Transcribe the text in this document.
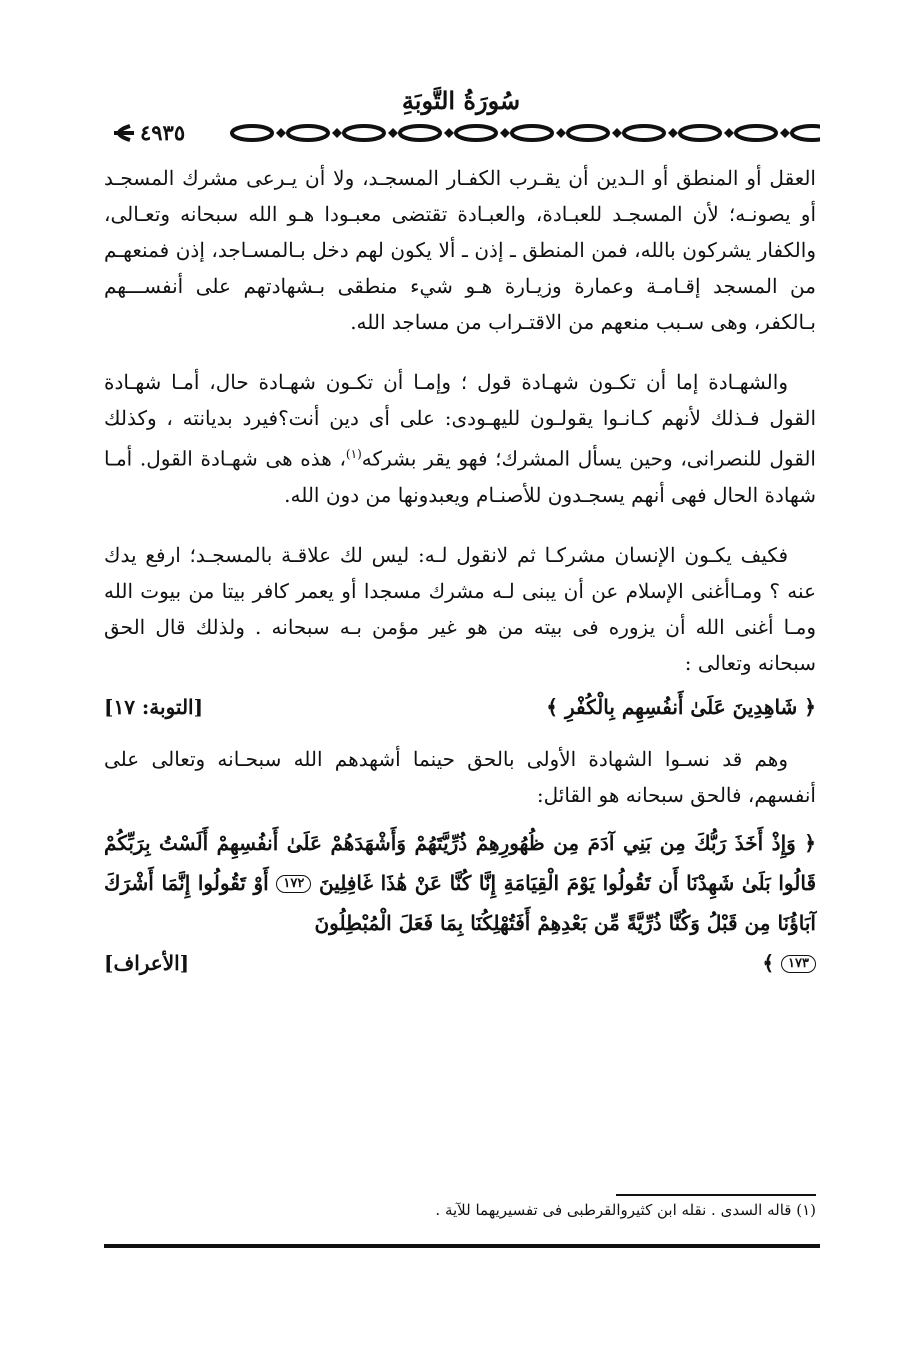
سُورَةُ التَّوبَةِ
٤٩٣٥

العقل أو المنطق أو الـدين أن يقـرب الكفـار المسجـد، ولا أن يـرعى مشرك المسجـد أو يصونـه؛ لأن المسجـد للعبـادة، والعبـادة تقتضى معبـودا هـو الله سبحانه وتعـالى، والكفار يشركون بالله، فمن المنطق ـ إذن ـ ألا يكون لهم دخل بـالمسـاجد، إذن فمنعهـم من المسجد إقـامـة وعمارة وزيـارة هـو شيء منطقى بـشهادتهم على أنفســـهم بـالكفر، وهى سـبب منعهم من الاقتـراب من مساجد الله.

والشهـادة إما أن تكـون شهـادة قول ؛ وإمـا أن تكـون شهـادة حال، أمـا شهـادة القول فـذلك لأنهم كـانـوا يقولـون لليهـودى: على أى دين أنت؟فيرد بديانته ، وكذلك القول للنصرانى، وحين يسأل المشرك؛ فهو يقر بشركه$^{(١)}$، هذه هى شهـادة القول. أمـا شهادة الحال فهى أنهم يسجـدون للأصنـام ويعبدونها من دون الله.

فكيف يكـون الإنسان مشركـا ثم لانقول لـه: ليس لك علاقـة بالمسجـد؛ ارفع يدك عنه ؟ ومـاأغنى الإسلام عن أن يبنى لـه مشرك مسجدا أو يعمر كافر بيتا من بيوت الله ومـا أغنى الله أن يزوره فى بيته من هو غير مؤمن بـه سبحانه . ولذلك قال الحق سبحانه وتعالى :

﴿ شَاهِدِينَ عَلَىٰ أَنفُسِهِم بِالْكُفْرِ ﴾
[التوبة: ١٧]

وهم قد نسـوا الشهادة الأولى بالحق حينما أشهدهم الله سبحـانه وتعالى على أنفسهم، فالحق سبحانه هو القائل:

﴿ وَإِذْ أَخَذَ رَبُّكَ مِن بَنِي آدَمَ مِن ظُهُورِهِمْ ذُرِّيَّتَهُمْ وَأَشْهَدَهُمْ عَلَىٰ أَنفُسِهِمْ أَلَسْتُ بِرَبِّكُمْ قَالُوا بَلَىٰ شَهِدْنَا أَن تَقُولُوا يَوْمَ الْقِيَامَةِ إِنَّا كُنَّا عَنْ هَٰذَا غَافِلِينَ ١٧٢ أَوْ تَقُولُوا إِنَّمَا أَشْرَكَ آبَاؤُنَا مِن قَبْلُ وَكُنَّا ذُرِّيَّةً مِّن بَعْدِهِمْ أَفَتُهْلِكُنَا بِمَا فَعَلَ الْمُبْطِلُونَ
١٧٣ ﴾
[الأعراف]
(١) قاله السدى . نقله ابن كثيروالقرطبى فى تفسيريهما للآية .
